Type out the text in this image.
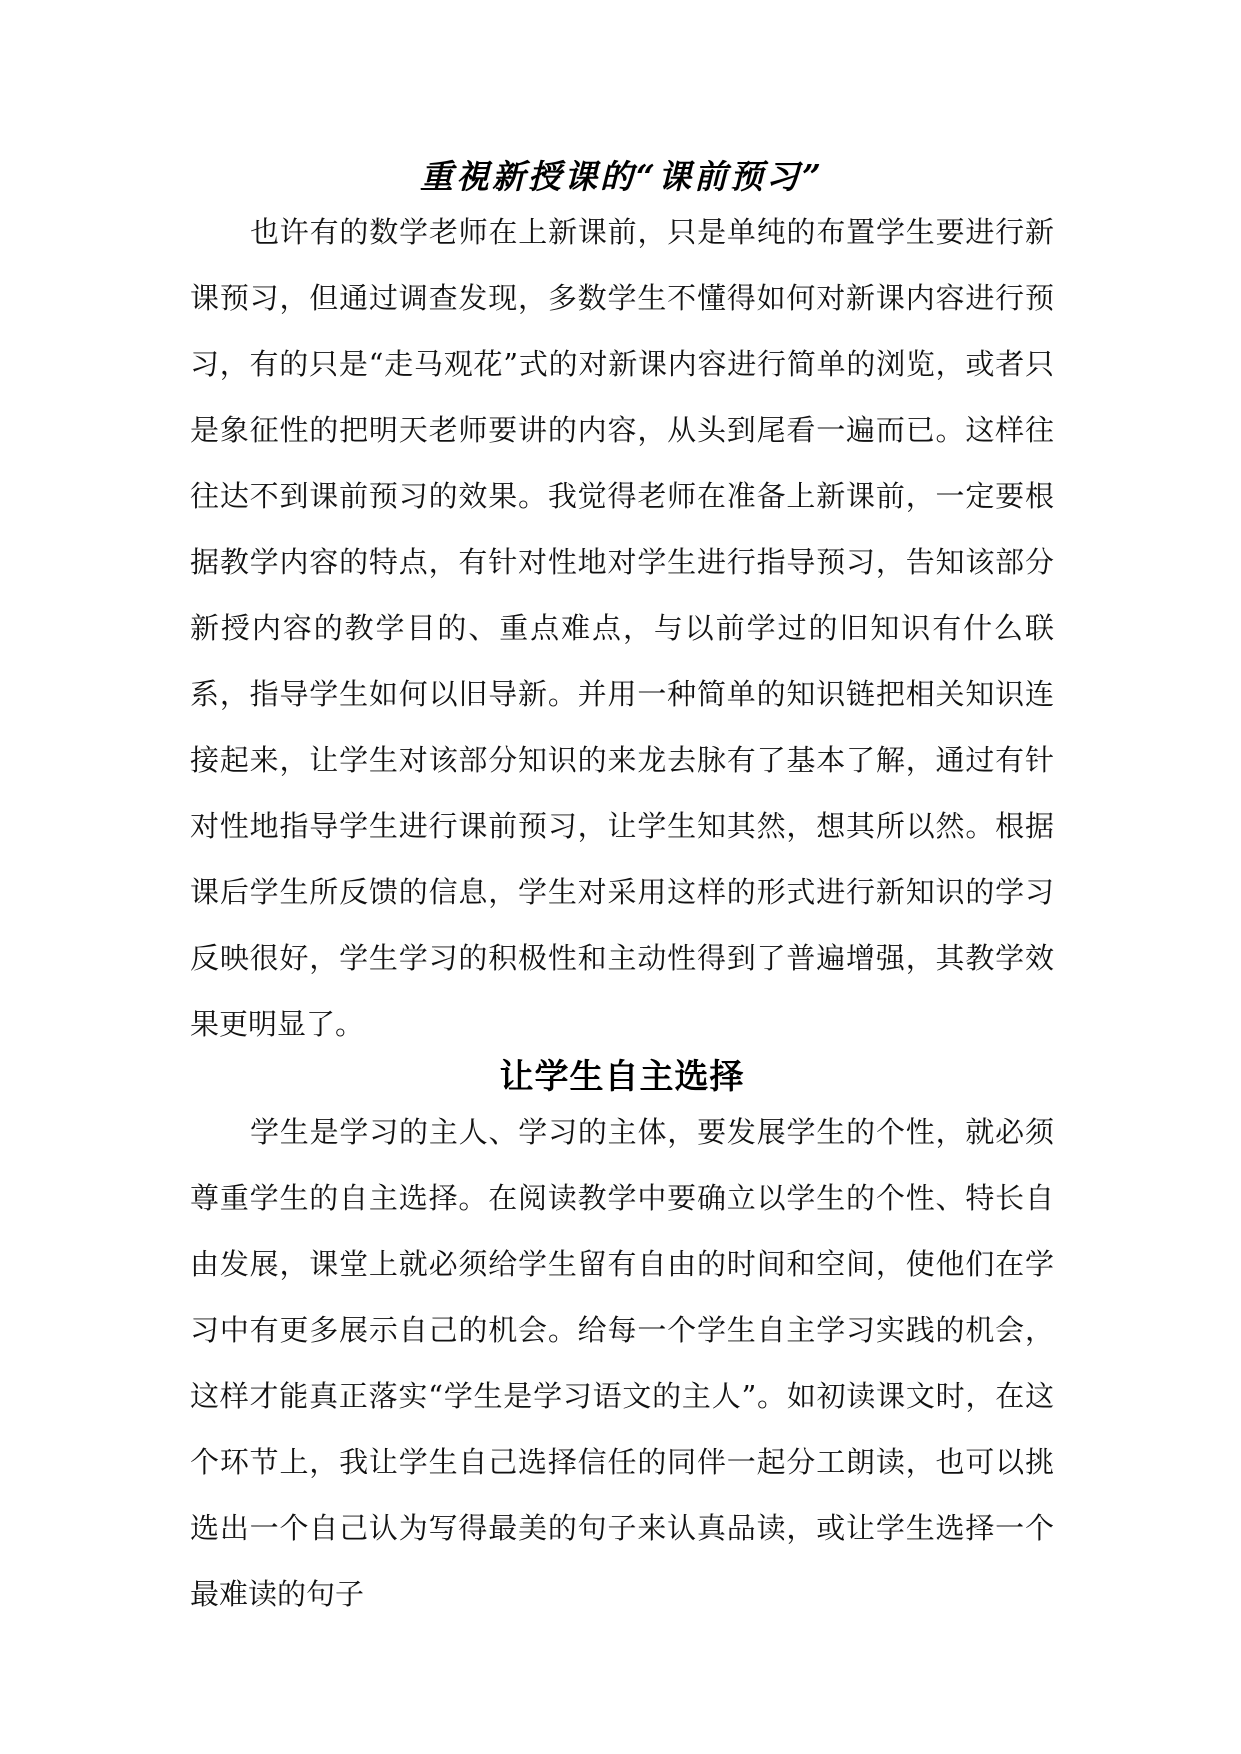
重視新授课的“课前预习”

也许有的数学老师在上新课前，只是单纯的布置学生要进行新课预习，但通过调查发现，多数学生不懂得如何对新课内容进行预习，有的只是“走马观花”式的对新课内容进行简单的浏览，或者只是象征性的把明天老师要讲的内容，从头到尾看一遍而已。这样往往达不到课前预习的效果。我觉得老师在准备上新课前，一定要根据教学内容的特点，有针对性地对学生进行指导预习，告知该部分新授内容的教学目的、重点难点，与以前学过的旧知识有什么联系，指导学生如何以旧导新。并用一种简单的知识链把相关知识连接起来，让学生对该部分知识的来龙去脉有了基本了解，通过有针对性地指导学生进行课前预习，让学生知其然，想其所以然。根据课后学生所反馈的信息，学生对采用这样的形式进行新知识的学习反映很好，学生学习的积极性和主动性得到了普遍增强，其教学效果更明显了。

让学生自主选择

学生是学习的主人、学习的主体，要发展学生的个性，就必须尊重学生的自主选择。在阅读教学中要确立以学生的个性、特长自由发展，课堂上就必须给学生留有自由的时间和空间，使他们在学习中有更多展示自己的机会。给每一个学生自主学习实践的机会，这样才能真正落实“学生是学习语文的主人”。如初读课文时，在这个环节上，我让学生自己选择信任的同伴一起分工朗读，也可以挑选出一个自己认为写得最美的句子来认真品读，或让学生选择一个最难读的句子
